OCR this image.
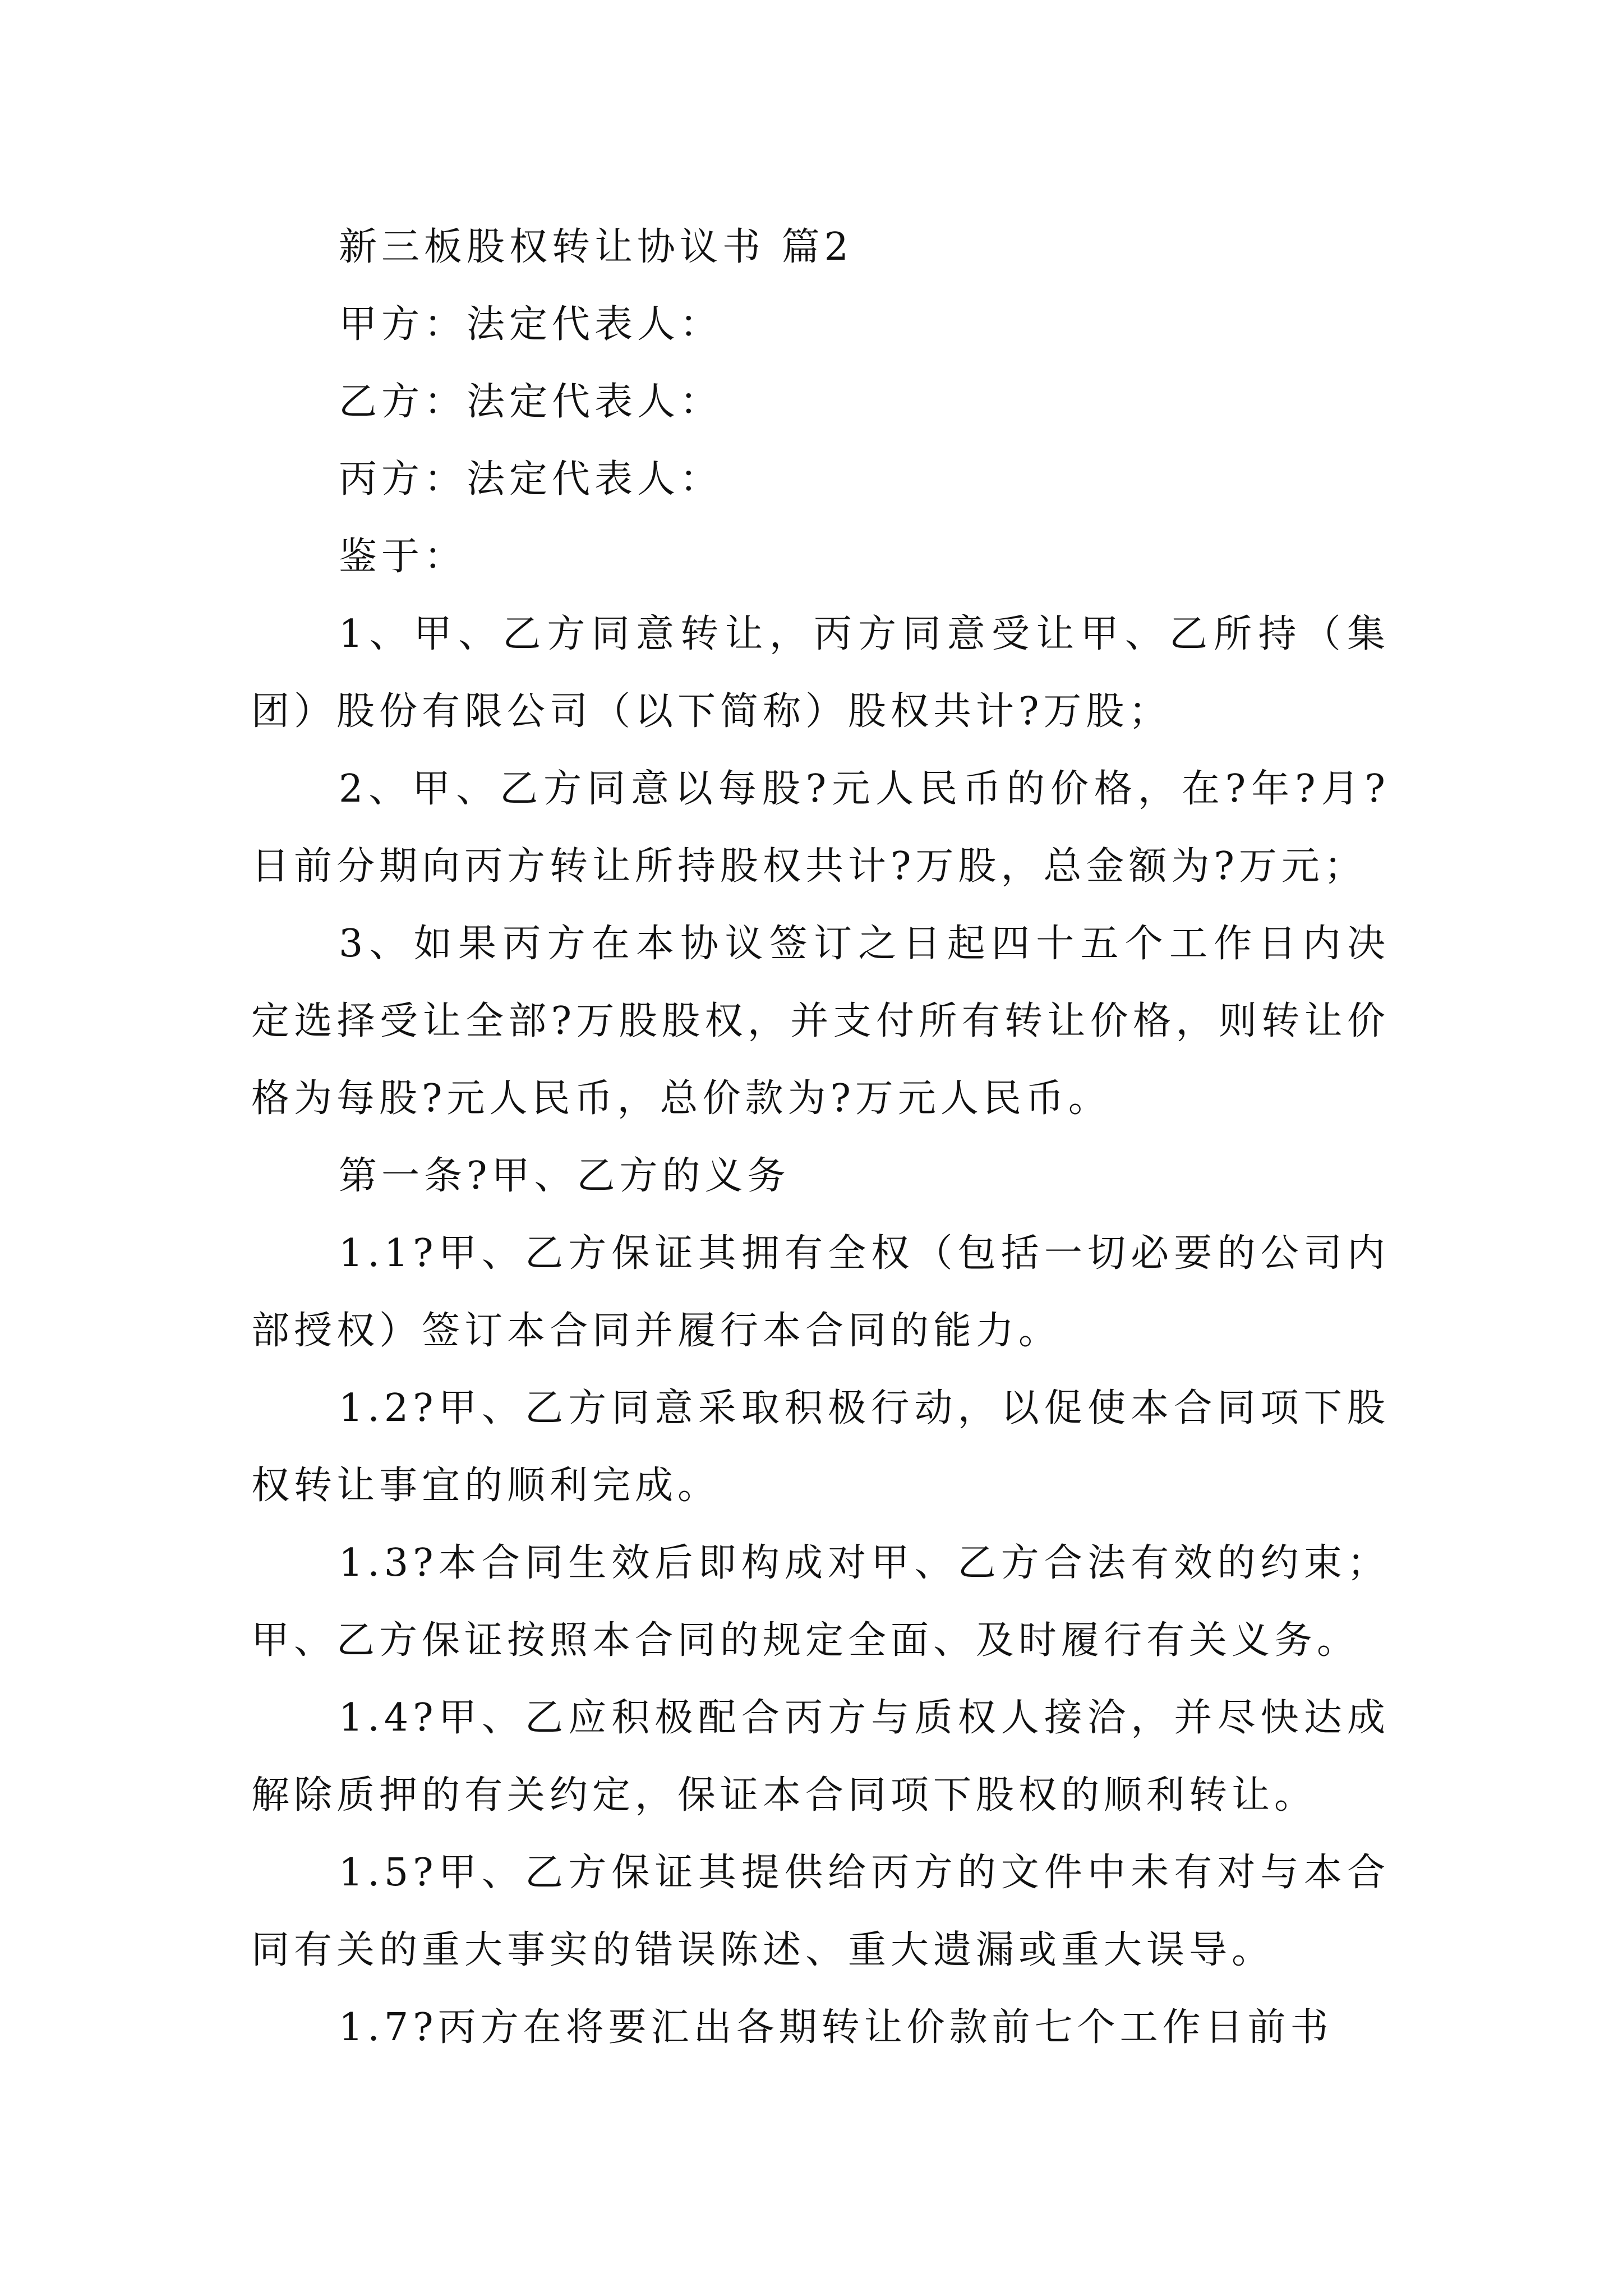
新三板股权转让协议书 篇2

甲方：法定代表人：

乙方：法定代表人：

丙方：法定代表人：

鉴于：

1、甲、乙方同意转让，丙方同意受让甲、乙所持（集团）股份有限公司（以下简称）股权共计?万股；

2、甲、乙方同意以每股?元人民币的价格，在?年?月?日前分期向丙方转让所持股权共计?万股，总金额为?万元；

3、如果丙方在本协议签订之日起四十五个工作日内决定选择受让全部?万股股权，并支付所有转让价格，则转让价格为每股?元人民币，总价款为?万元人民币。

第一条?甲、乙方的义务

1.1?甲、乙方保证其拥有全权（包括一切必要的公司内部授权）签订本合同并履行本合同的能力。

1.2?甲、乙方同意采取积极行动，以促使本合同项下股权转让事宜的顺利完成。

1.3?本合同生效后即构成对甲、乙方合法有效的约束；甲、乙方保证按照本合同的规定全面、及时履行有关义务。

1.4?甲、乙应积极配合丙方与质权人接洽，并尽快达成解除质押的有关约定，保证本合同项下股权的顺利转让。

1.5?甲、乙方保证其提供给丙方的文件中未有对与本合同有关的重大事实的错误陈述、重大遗漏或重大误导。

1.7?丙方在将要汇出各期转让价款前七个工作日前书
